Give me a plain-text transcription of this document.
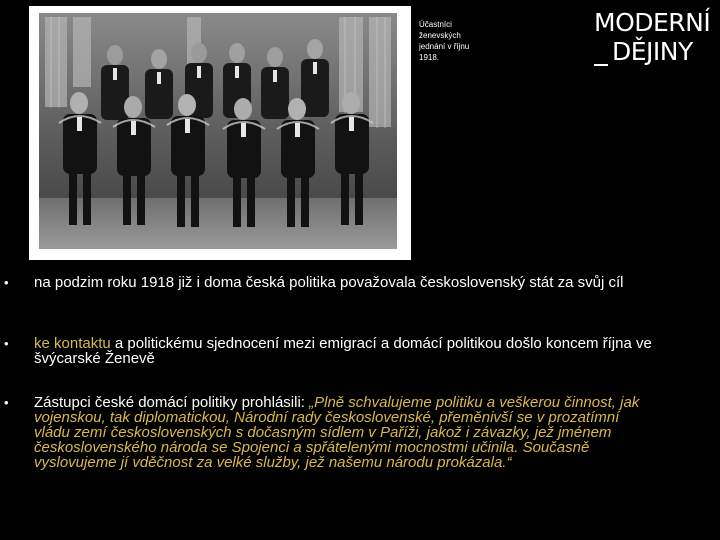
Účastníci ženevských jednání v říjnu 1918.
MODERNÍ
DĚJINY
• na podzim roku 1918 již i doma česká politika považovala československý stát za svůj cíl
• ke kontaktu a politickému sjednocení mezi emigrací a domácí politikou došlo koncem října ve švýcarské Ženevě
• Zástupci české domácí politiky prohlásili: „Plně schvalujeme politiku a veškerou činnost, jak vojenskou, tak diplomatickou, Národní rady československé, přeměnivší se v prozatímní vládu zemí československých s dočasným sídlem v Paříži, jakož i závazky, jež jménem československého národa se Spojenci a spřátelenými mocnostmi učinila. Současně vyslovujeme jí vděčnost za velké služby, jež našemu národu prokázala.“
